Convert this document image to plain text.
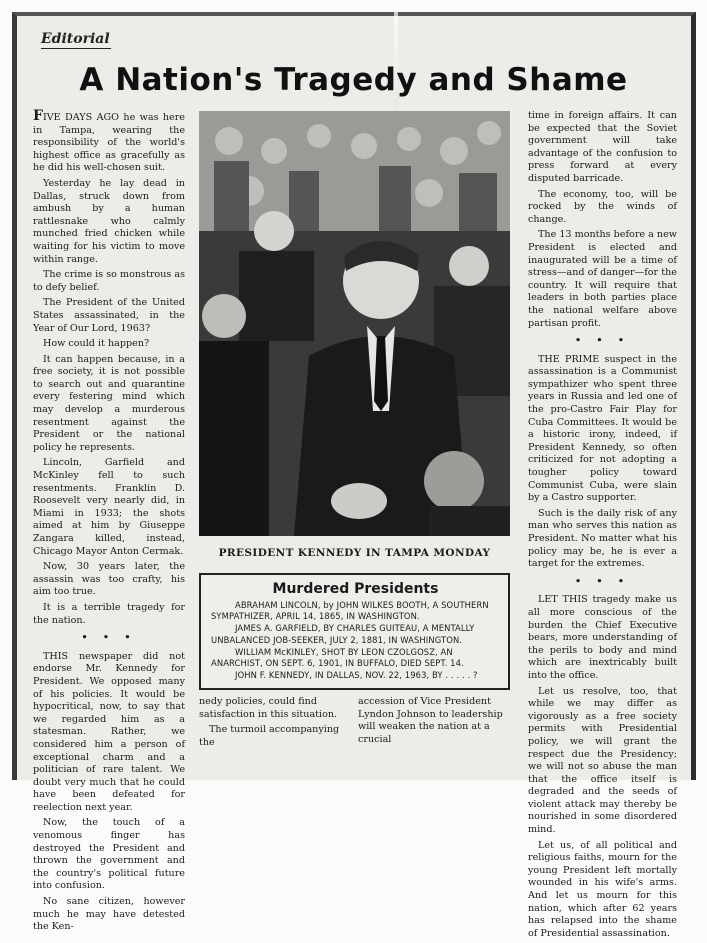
Editorial
A Nation's Tragedy and Shame

FIVE DAYS AGO he was here in Tampa, wearing the responsibility of the world's highest office as gracefully as he did his well-chosen suit.

Yesterday he lay dead in Dallas, struck down from ambush by a human rattlesnake who calmly munched fried chicken while waiting for his victim to move within range.

The crime is so monstrous as to defy belief.

The President of the United States assassinated, in the Year of Our Lord, 1963?

How could it happen?

It can happen because, in a free society, it is not possible to search out and quarantine every festering mind which may develop a murderous resentment against the President or the national policy he represents.

Lincoln, Garfield and McKinley fell to such resentments. Franklin D. Roosevelt very nearly did, in Miami in 1933; the shots aimed at him by Giuseppe Zangara killed, instead, Chicago Mayor Anton Cermak.

Now, 30 years later, the assassin was too crafty, his aim too true.

It is a terrible tragedy for the nation.

• • •

THIS newspaper did not endorse Mr. Kennedy for President. We opposed many of his policies. It would be hypocritical, now, to say that we regarded him as a statesman. Rather, we considered him a person of exceptional charm and a politician of rare talent. We doubt very much that he could have been defeated for reelection next year.

Now, the touch of a venomous finger has destroyed the President and thrown the government and the country's political future into confusion.

No sane citizen, however much he may have detested the Ken-

PRESIDENT KENNEDY IN TAMPA MONDAY
Murdered Presidents

ABRAHAM LINCOLN, by JOHN WILKES BOOTH, A SOUTHERN SYMPATHIZER, APRIL 14, 1865, IN WASHINGTON.

JAMES A. GARFIELD, BY CHARLES GUITEAU, A MENTALLY UNBALANCED JOB-SEEKER, JULY 2, 1881, IN WASHINGTON.

WILLIAM McKINLEY, SHOT BY LEON CZOLGOSZ, AN ANARCHIST, ON SEPT. 6, 1901, IN BUFFALO, DIED SEPT. 14.

JOHN F. KENNEDY, IN DALLAS, NOV. 22, 1963, BY . . . . . ?

nedy policies, could find satisfaction in this situation.

The turmoil accompanying the

accession of Vice President Lyndon Johnson to leadership will weaken the nation at a crucial

time in foreign affairs. It can be expected that the Soviet government will take advantage of the confusion to press forward at every disputed barricade.

The economy, too, will be rocked by the winds of change.

The 13 months before a new President is elected and inaugurated will be a time of stress—and of danger—for the country. It will require that leaders in both parties place the national welfare above partisan profit.

• • •

THE PRIME suspect in the assassination is a Communist sympathizer who spent three years in Russia and led one of the pro-Castro Fair Play for Cuba Committees. It would be a historic irony, indeed, if President Kennedy, so often criticized for not adopting a tougher policy toward Communist Cuba, were slain by a Castro supporter.

Such is the daily risk of any man who serves this nation as President. No matter what his policy may be, he is ever a target for the extremes.

• • •

LET THIS tragedy make us all more conscious of the burden the Chief Executive bears, more understanding of the perils to body and mind which are inextricably built into the office.

Let us resolve, too, that while we may differ as vigorously as a free society permits with Presidential policy, we will grant the respect due the Presidency; we will not so abuse the man that the office itself is degraded and the seeds of violent attack may thereby be nourished in some disordered mind.

Let us, of all political and religious faiths, mourn for the young President left mortally wounded in his wife's arms. And let us mourn for this nation, which after 62 years has relapsed into the shame of Presidential assassination.
